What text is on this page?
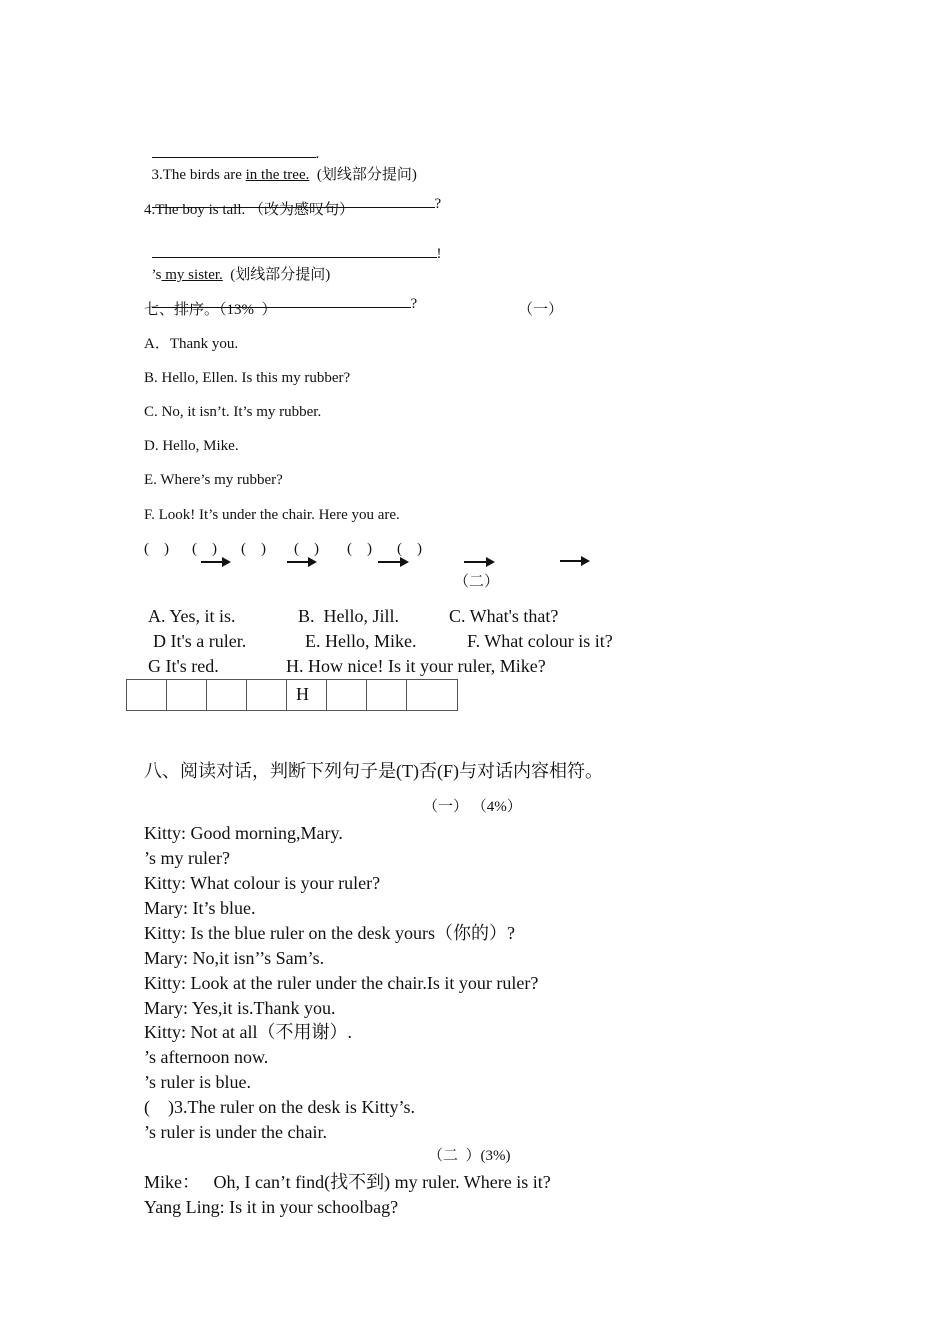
.

3.The birds are in the tree.  (划线部分提问)

?

4.The boy is tall. （改为感叹句）

!

’s my sister.  (划线部分提问)

?

七、排序。（13%  ）	（一）
A．Thank you.
B. Hello, Ellen. Is this my rubber?
C. No, it isn’t. It’s my rubber.
D. Hello, Mike.
E. Where’s my rubber?
F. Look! It’s under the chair. Here you are.
(    ) (    ) (    ) (    ) (    ) (    )
（二）
A. Yes, it is.	B.  Hello, Jill.	C. What's that?
D It's a ruler.	E. Hello, Mike.	F. What colour is it?
G It's red.	H. How nice! Is it your ruler, Mike?
				H			
八、阅读对话，判断下列句子是(T)否(F)与对话内容相符。
（一） （4%）
Kitty: Good morning,Mary.
’s my ruler?
Kitty: What colour is your ruler?
Mary: It’s blue.
Kitty: Is the blue ruler on the desk yours（你的）?
Mary: No,it isn’’s Sam’s.
Kitty: Look at the ruler under the chair.Is it your ruler?
Mary: Yes,it is.Thank you.
Kitty: Not at all（不用谢）.
’s afternoon now.
’s ruler is blue.
(    )3.The ruler on the desk is Kitty’s.
’s ruler is under the chair.
（二  ）(3%)
Mike：   Oh, I can’t find(找不到) my ruler. Where is it?
Yang Ling: Is it in your schoolbag?
